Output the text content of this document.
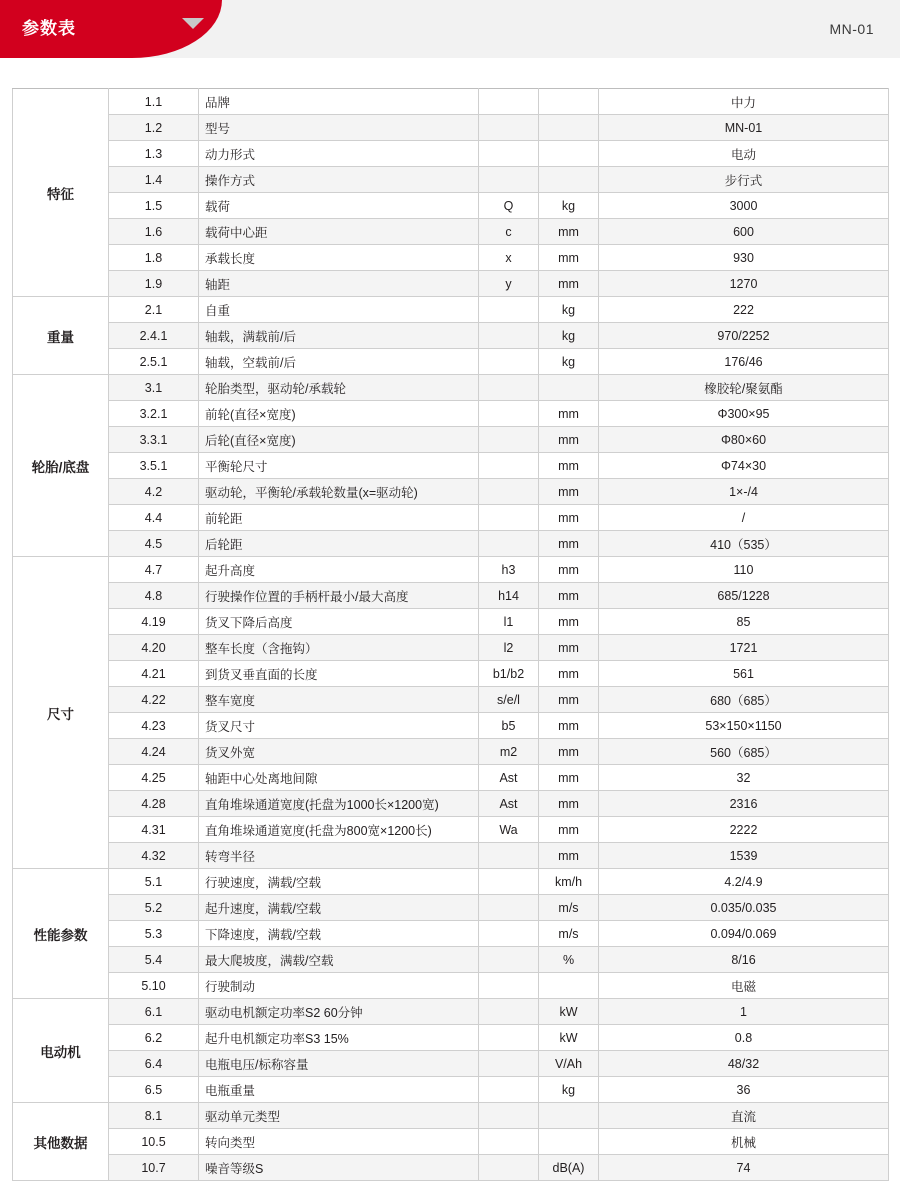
参数表	MN-01
特征	1.1	品牌			中力
	1.2	型号			MN-01
	1.3	动力形式			电动
	1.4	操作方式			步行式
	1.5	载荷	Q	kg	3000
	1.6	载荷中心距	c	mm	600
	1.8	承载长度	x	mm	930
	1.9	轴距	y	mm	1270
重量	2.1	自重		kg	222
	2.4.1	轴载，满载前/后		kg	970/2252
	2.5.1	轴载，空载前/后		kg	176/46
轮胎/底盘	3.1	轮胎类型，驱动轮/承载轮			橡胶轮/聚氨酯
	3.2.1	前轮(直径×宽度)		mm	Φ300×95
	3.3.1	后轮(直径×宽度)		mm	Φ80×60
	3.5.1	平衡轮尺寸		mm	Φ74×30
	4.2	驱动轮，平衡轮/承载轮数量(x=驱动轮)		mm	1×-/4
	4.4	前轮距		mm	/
	4.5	后轮距		mm	410（535）
尺寸	4.7	起升高度	h3	mm	110
	4.8	行驶操作位置的手柄杆最小/最大高度	h14	mm	685/1228
	4.19	货叉下降后高度	l1	mm	85
	4.20	整车长度（含拖钩）	l2	mm	1721
	4.21	到货叉垂直面的长度	b1/b2	mm	561
	4.22	整车宽度	s/e/l	mm	680（685）
	4.23	货叉尺寸	b5	mm	53×150×1150
	4.24	货叉外宽	m2	mm	560（685）
	4.25	轴距中心处离地间隙	Ast	mm	32
	4.28	直角堆垛通道宽度(托盘为1000长×1200宽)	Ast	mm	2316
	4.31	直角堆垛通道宽度(托盘为800宽×1200长)	Wa	mm	2222
	4.32	转弯半径		mm	1539
性能参数	5.1	行驶速度，满载/空载		km/h	4.2/4.9
	5.2	起升速度，满载/空载		m/s	0.035/0.035
	5.3	下降速度，满载/空载		m/s	0.094/0.069
	5.4	最大爬坡度，满载/空载		%	8/16
	5.10	行驶制动			电磁
电动机	6.1	驱动电机额定功率S2 60分钟		kW	1
	6.2	起升电机额定功率S3 15%		kW	0.8
	6.4	电瓶电压/标称容量		V/Ah	48/32
	6.5	电瓶重量		kg	36
其他数据	8.1	驱动单元类型			直流
	10.5	转向类型			机械
	10.7	噪音等级S		dB(A)	74
